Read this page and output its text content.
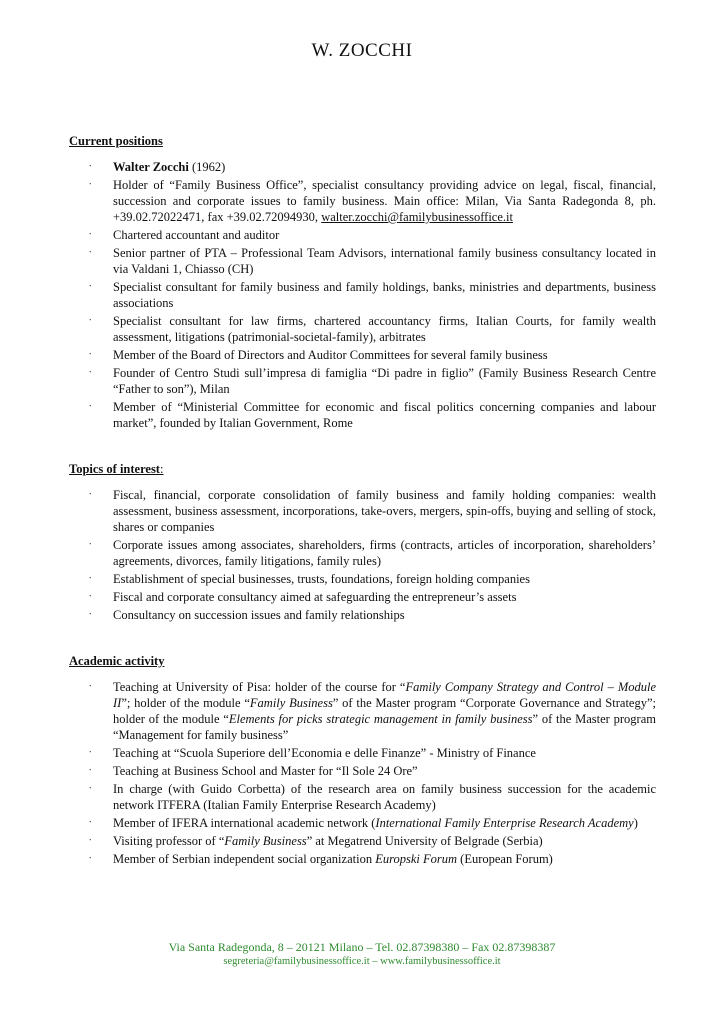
W. ZOCCHI
Current positions
∙ Walter Zocchi (1962)
∙ Holder of “Family Business Office”, specialist consultancy providing advice on legal, fiscal, financial, succession and corporate issues to family business. Main office: Milan, Via Santa Radegonda 8, ph. +39.02.72022471, fax +39.02.72094930, walter.zocchi@familybusinessoffice.it
∙ Chartered accountant and auditor
∙ Senior partner of PTA – Professional Team Advisors, international family business consultancy located in via Valdani 1, Chiasso (CH)
∙ Specialist consultant for family business and family holdings, banks, ministries and departments, business associations
∙ Specialist consultant for law firms, chartered accountancy firms, Italian Courts, for family wealth assessment, litigations (patrimonial-societal-family), arbitrates
∙ Member of the Board of Directors and Auditor Committees for several family business
∙ Founder of Centro Studi sull’impresa di famiglia “Di padre in figlio” (Family Business Research Centre “Father to son”), Milan
∙ Member of “Ministerial Committee for economic and fiscal politics concerning companies and labour market”, founded by Italian Government, Rome
Topics of interest:
∙ Fiscal, financial, corporate consolidation of family business and family holding companies: wealth assessment, business assessment, incorporations, take-overs, mergers, spin-offs, buying and selling of stock, shares or companies
∙ Corporate issues among associates, shareholders, firms (contracts, articles of incorporation, shareholders’ agreements, divorces, family litigations, family rules)
∙ Establishment of special businesses, trusts, foundations, foreign holding companies
∙ Fiscal and corporate consultancy aimed at safeguarding the entrepreneur’s assets
∙ Consultancy on succession issues and family relationships
Academic activity
∙ Teaching at University of Pisa: holder of the course for “Family Company Strategy and Control – Module II”; holder of the module “Family Business” of the Master program “Corporate Governance and Strategy”; holder of the module “Elements for picks strategic management in family business” of the Master program “Management for family business”
∙ Teaching at “Scuola Superiore dell’Economia e delle Finanze” - Ministry of Finance
∙ Teaching at Business School and Master for “Il Sole 24 Ore”
∙ In charge (with Guido Corbetta) of the research area on family business succession for the academic network ITFERA (Italian Family Enterprise Research Academy)
∙ Member of IFERA international academic network (International Family Enterprise Research Academy)
∙ Visiting professor of “Family Business” at Megatrend University of Belgrade (Serbia)
∙ Member of Serbian independent social organization Europski Forum (European Forum)
Via Santa Radegonda, 8 – 20121 Milano – Tel. 02.87398380 – Fax 02.87398387
segreteria@familybusinessoffice.it – www.familybusinessoffice.it
